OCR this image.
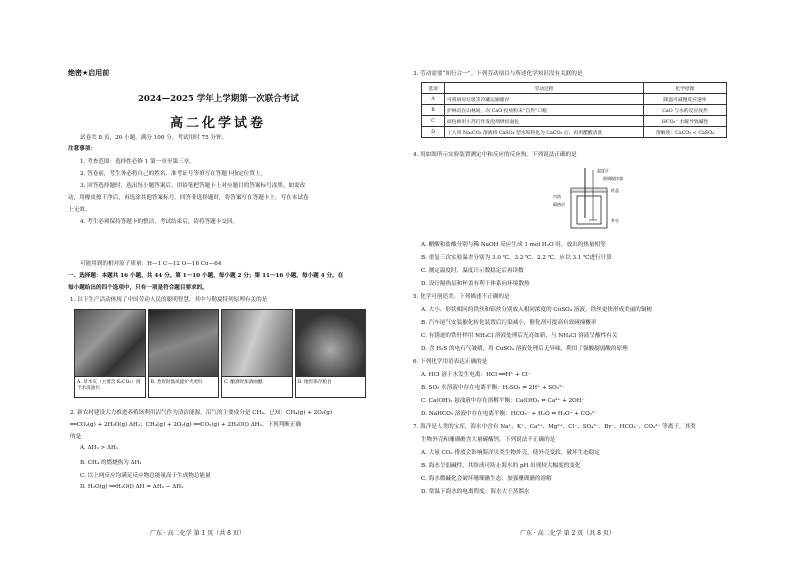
绝密★启用前
2024—2025 学年上学期第一次联合考试
高二化学试卷
试卷共 8 页，20 小题，满分 100 分。考试用时 75 分钟。
注意事项：
1. 考查范围：选择性必修 1 第一章至第三章。
2. 答卷前，考生务必将自己的姓名、准考证号等填写在答题卡指定位置上。
3. 回答选择题时，选出每小题答案后，用铅笔把答题卡上对应题目的答案标号涂黑。如需改
动，用橡皮擦干净后，再选涂其他答案标号。回答非选择题时，将答案写在答题卡上。写在本试卷
上无效。
4. 考生必须保持答题卡的整洁。考试结束后，请将答题卡交回。
可能用到的相对原子质量：H—1 C—12 O—16 Cu—64
一、选择题：本题共 16 小题，共 44 分。第 1～10 小题，每小题 2 分；第 11～16 小题，每小题 4 分。在
每小题给出的四个选项中，只有一项是符合题目要求的。
1. 以下生产活动体现了中国劳动人民的聪明智慧，其中与勒夏特列原理有关的是
A. 草木灰（主要含 K₂CO₃）溶于水洗油污
B. 煮炭时鼓风提炉火更旺	C. 酿酒时加酒曲酿	D. 地窖保存粮食
2. 新农村建设大力推进养殖场利用沼气作为清洁能源，沼气的主要成分是 CH₄。已知：CH₄(g) + 2O₂(g)
══CO₂(g) + 2H₂O(g) ΔH₁；CH₄(g) + 2O₂(g) ══CO₂(g) + 2H₂O(l) ΔH₂。下列判断正确
的是
A. ΔH₂ > ΔH₁
B. CH₄ 的燃烧热为 ΔH₁
C. 以上两反应均满足反应物总能量高于生成物总能量
D. H₂O(g) ══H₂O(l) ΔH = ΔH₂ − ΔH₁
广东 · 高二化学 第 1 页（共 8 页）
3. 劳动需要“知行合一”。下列劳动项目与所述化学知识没有关联的是
选项	劳动过程	化学原理
A	可将厨房垃圾等冷藏运输储存	降温可减慢反应速率
B	护林员在山林间，向 CaO 投放粉末“自热”口粮	CaO 与水的反应放热
C	面包师用小苏打作发泡剂烘焙面包	HCO₃⁻ 水解导致碱性
D	工人用 Na₂CO₃ 溶液将 CaSO₄ 型水垢转化为 CaCO₃ 后，再用醋酸清洗	溶解度：CaCO₃ < CaSO₄
4. 用如图所示实验装置测定中和反应的反应热。下列说法正确的是
温度计
玻璃搅拌器
内筒
隔热层
杯盖
外壳
A. 醋酸和盐酸分别与稀 NaOH 反应生成 1 mol H₂O 时，放出的热量相等
B. 重复三次实验温差分别为 3.0 ℃、3.2 ℃、2.2 ℃，应以 3.1 ℃进行计算
C. 测定温度时，温度计示数稳定后再读数
D. 设计隔热层和杯盖有利于体系向环境散热
5. 化学可创造美。下列描述不正确的是
A. 大小、形状相同的铁丝和铝丝分别放入相同浓度的 CuSO₄ 溶液，铁丝更快形成美丽的铜树
B. 汽车尾气安装催化转化装置后污染减小，催化剂可提高有效碰撞概率
C. 有锈迹的铁杆样用 NH₄Cl 溶液处理后光亮如新，与 NH₄Cl 溶液呈酸性有关
D. 含 H₂S 的电石气皱褶，用 CuSO₄ 溶液处理后无异味，利用了强酸制弱酸的原理
6. 下列化学用语表达正确的是
A. HCl 溶于水发生电离：HCl ══H⁺ + Cl⁻
B. SO₂ 水溶液中存在电离平衡：H₂SO₃ ⇌ 2H⁺ + SO₃²⁻
C. Ca(OH)₂ 悬浊液中存在溶解平衡：Ca(OH)₂ ⇌ Ca²⁺ + 2OH⁻
D. NaHCO₃ 溶液中存在电离平衡：HCO₃⁻ + H₂O ⇌ H₃O⁺ + CO₃²⁻
7. 海洋是人类的宝库，海水中含有 Na⁺、K⁺、Ca²⁺、Mg²⁺、Cl⁻、SO₄²⁻、Br⁻、HCO₃⁻、CO₃²⁻ 等离子，其类
生物外壳和珊瑚礁含大量碳酸钙。下列说法不正确的是
A. 大量 CO₂ 排放会影响海洋贝类生物外壳，使外壳变软、破坏生态稳定
B. 海水呈弱碱性，其组成可防止海水的 pH 出现较大幅度的变化
C. 海水微碱化会破坏珊瑚礁生态，加强珊瑚礁的溶解
D. 常温下海水的电离程度：海水大于蒸馏水
广东 · 高二化学 第 2 页（共 8 页）
